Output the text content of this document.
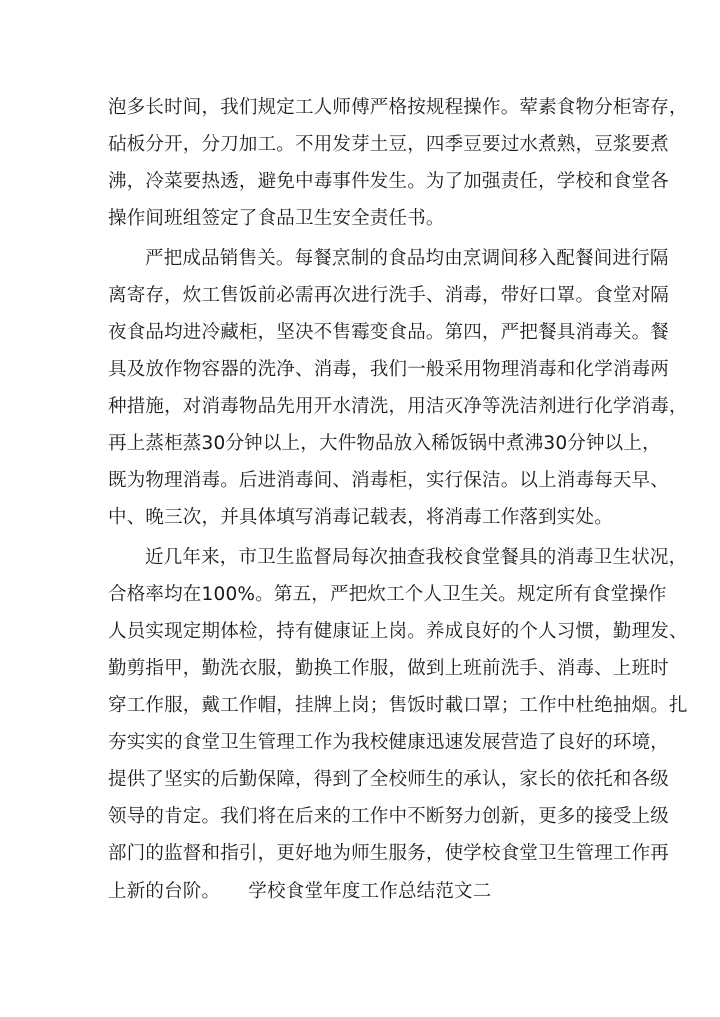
泡多长时间，我们规定工人师傅严格按规程操作。荤素食物分柜寄存，
砧板分开，分刀加工。不用发芽土豆，四季豆要过水煮熟，豆浆要煮
沸，冷菜要热透，避免中毒事件发生。为了加强责任，学校和食堂各
操作间班组签定了食品卫生安全责任书。
严把成品销售关。每餐烹制的食品均由烹调间移入配餐间进行隔
离寄存，炊工售饭前必需再次进行洗手、消毒，带好口罩。食堂对隔
夜食品均进冷藏柜，坚决不售霉变食品。第四，严把餐具消毒关。餐
具及放作物容器的洗净、消毒，我们一般采用物理消毒和化学消毒两
种措施，对消毒物品先用开水清洗，用洁灭净等洗洁剂进行化学消毒，
再上蒸柜蒸30分钟以上，大件物品放入稀饭锅中煮沸30分钟以上，
既为物理消毒。后进消毒间、消毒柜，实行保洁。以上消毒每天早、
中、晚三次，并具体填写消毒记载表，将消毒工作落到实处。
近几年来，市卫生监督局每次抽查我校食堂餐具的消毒卫生状况，
合格率均在100%。第五，严把炊工个人卫生关。规定所有食堂操作
人员实现定期体检，持有健康证上岗。养成良好的个人习惯，勤理发、
勤剪指甲，勤洗衣服，勤换工作服，做到上班前洗手、消毒、上班时
穿工作服，戴工作帽，挂牌上岗；售饭时載口罩；工作中杜绝抽烟。扎
夯实实的食堂卫生管理工作为我校健康迅速发展营造了良好的环境，
提供了坚实的后勤保障，得到了全校师生的承认，家长的依托和各级
领导的肯定。我们将在后来的工作中不断努力创新，更多的接受上级
部门的监督和指引，更好地为师生服务，使学校食堂卫生管理工作再
上新的台阶。　　学校食堂年度工作总结范文二
